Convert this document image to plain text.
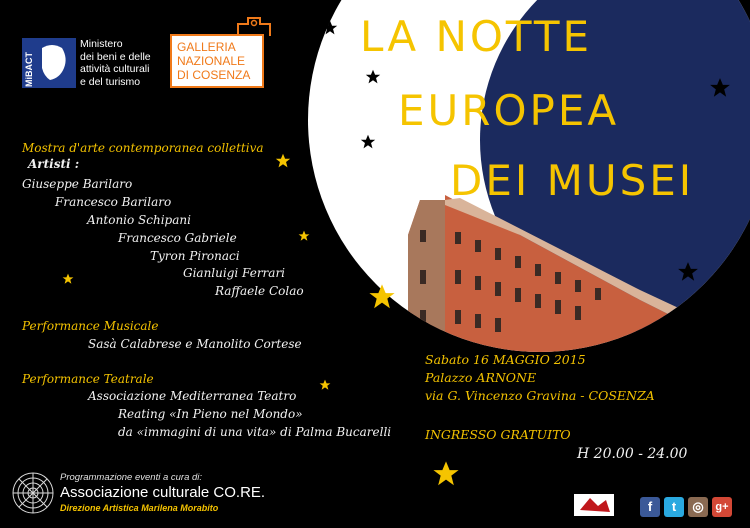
MiBACT
Ministero
dei beni e delle
attività culturali
e del turismo
GALLERIA
NAZIONALE
DI COSENZA
LA NOTTE
EUROPEA
DEI MUSEI
Mostra d'arte contemporanea collettiva
Artisti :
Giuseppe Barilaro
Francesco Barilaro
Antonio Schipani
Francesco Gabriele
Tyron Pironaci
Gianluigi Ferrari
Raffaele Colao
Performance Musicale
Sasà Calabrese e Manolito Cortese
Performance Teatrale
Associazione Mediterranea Teatro
Reating «In Pieno nel Mondo»
da «immagini di una vita» di Palma Bucarelli
Sabato 16 MAGGIO 2015
Palazzo ARNONE
via G. Vincenzo Gravina - COSENZA
INGRESSO GRATUITO
H 20.00 - 24.00
Programmazione eventi a cura di:
Associazione culturale CO.RE.
Direzione Artistica Marilena Morabito	f	t	◎	g+
